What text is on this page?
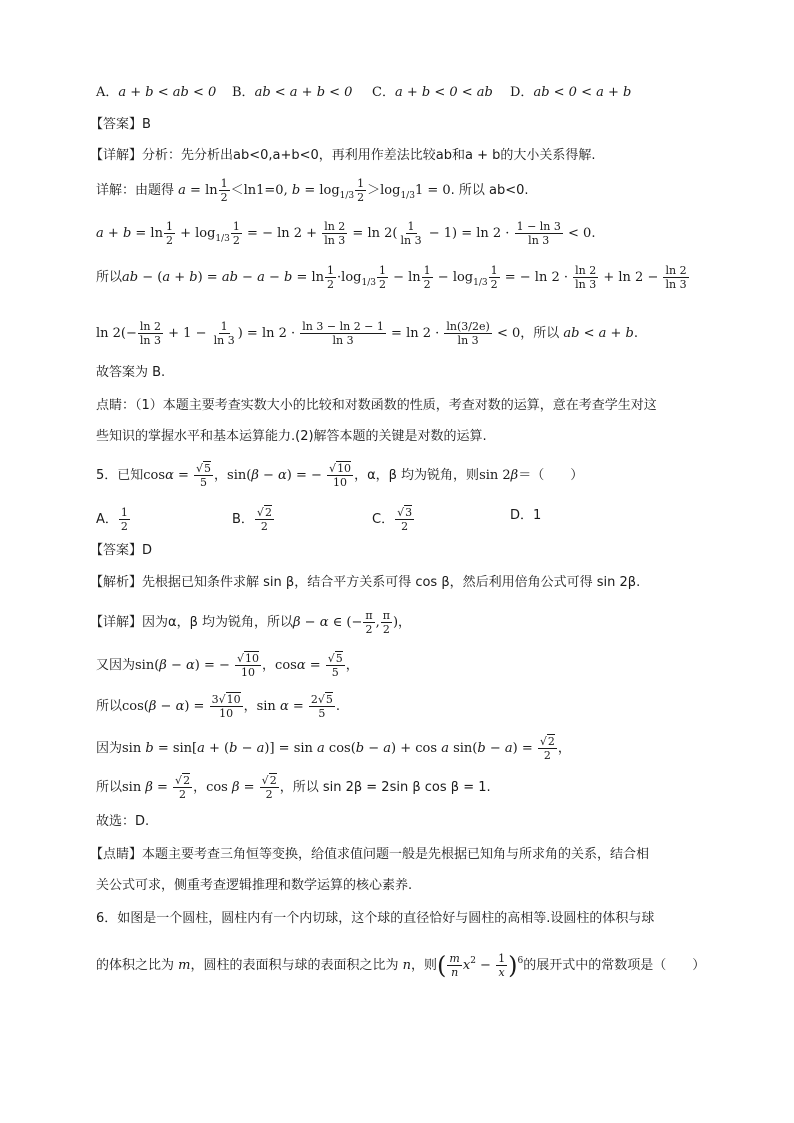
A．a + b < ab < 0 B．ab < a + b < 0 C．a + b < 0 < ab D．ab < 0 < a + b
【答案】B
【详解】分析：先分析出ab<0,a+b<0，再利用作差法比较ab和a + b的大小关系得解.
详解：由题得 $a = \ln \frac{1}{2} <\ln 1=0$, $b = \log_{1/3} \frac{1}{2} >\log_{1/3}1 = 0$. 所以 ab<0.
$a + b = \ln \frac{1}{2} + \log_{1/3} \frac{1}{2}$ = − $\ln 2 + \frac{\ln 2}{\ln 3} = \ln 2( \frac{1}{\ln 3} - 1) = \ln 2 \cdot \frac{1 - \ln 3}{\ln 3} < 0$.
所以ab − (a + b) = ab − $a - b = \ln \frac{1}{2} \cdot\log_{1/3} \frac{1}{2} - \ln \frac{1}{2} - \log_{1/3} \frac{1}{2}$ = − $\ln 2 \cdot \frac{\ln 2}{\ln 3} + \ln 2 - \frac{\ln 2}{\ln 3}$
$\ln 2(- \frac{\ln 2}{\ln 3} + 1 - \frac{1}{\ln 3}$ ) = $\ln 2 \cdot \frac{\ln 3 - \ln 2 - 1}{\ln 3} = \ln 2 \cdot \frac{\ln(3/2e)}{\ln 3} < 0$，所以 ab < a + b.
故答案为 B.
点睛：（1）本题主要考查实数大小的比较和对数函数的性质，考查对数的运算，意在考查学生对这
些知识的掌握水平和基本运算能力.(2)解答本题的关键是对数的运算.
5．已知$\cos\alpha = \frac{√5}{5}$ ，sin(β − α) = − $\frac{√10}{10}$ ，α，β 均为锐角，则sin 2β＝（　　）
A． $\frac{1}{2}$	B． $\frac{√2}{2}$	C． $\frac{√3}{2}$	D．1
【答案】D
【解析】先根据已知条件求解 sin β，结合平方关系可得 cos β，然后利用倍角公式可得 sin 2β.
【详解】因为α，β 均为锐角，所以β − α ∈ (− $\frac{\pi}{2}$ , $\frac{\pi}{2}$ )，
又因为sin(β − α) = − $\frac{√10}{10}$ ，$\cos\alpha = \frac{√5}{5}$ ，
所以$\cos(\beta - \alpha) = \frac{3√10}{10}$ ，$\sin \alpha = \frac{2√5}{5}$ .
因为sin b = sin[a + (b − a)] = sin a cos(b − a) + cos a $\sin(b - a) = \frac{√2}{2}$ ，
所以$\sin \beta = \frac{√2}{2}$ ，$\cos \beta = \frac{√2}{2}$ ，所以 sin 2β = 2sin β cos β = 1.
故选：D.
【点睛】本题主要考查三角恒等变换，给值求值问题一般是先根据已知角与所求角的关系，结合相
关公式可求，侧重考查逻辑推理和数学运算的核心素养.
6．如图是一个圆柱，圆柱内有一个内切球，这个球的直径恰好与圆柱的高相等.设圆柱的体积与球
的体积之比为 m，圆柱的表面积与球的表面积之比为 n，则( $\frac{m}{n} x^2 - \frac{1}{x} )^6$的展开式中的常数项是（　　）
